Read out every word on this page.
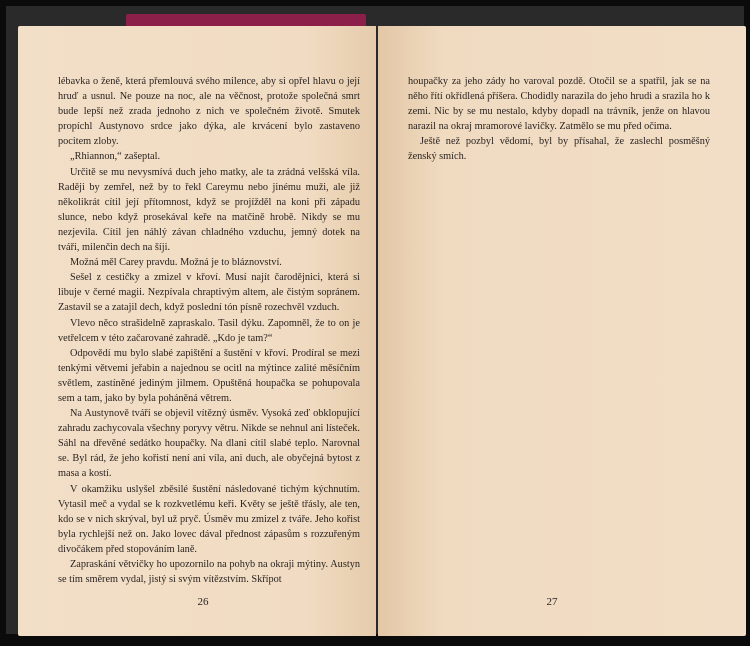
lébavka o ženě, která přemlouvá svého milence, aby si opřel hlavu o její hruď a usnul. Ne pouze na noc, ale na věčnost, protože společná smrt bude lepší než zrada jednoho z nich ve společném životě. Smutek propíchl Austynovo srdce jako dýka, ale krvácení bylo zastaveno pocitem zloby.

„Rhiannon,“ zašeptal.

Určitě se mu nevysmívá duch jeho matky, ale ta zrádná velšská víla. Raději by zemřel, než by to řekl Careymu nebo jinému muži, ale již několikrát cítil její přítomnost, když se projížděl na koni při západu slunce, nebo když prosekával keře na matčině hrobě. Nikdy se mu nezjevila. Cítil jen náhlý závan chladného vzduchu, jemný dotek na tváři, milenčin dech na šíji.

Možná měl Carey pravdu. Možná je to bláznovství.

Sešel z cestičky a zmizel v křoví. Musí najít čarodějnici, která si libuje v černé magii. Nezpívala chraptivým altem, ale čistým sopránem. Zastavil se a zatajil dech, když poslední tón písně rozechvěl vzduch.

Vlevo něco strašidelně zapraskalo. Tasil dýku. Zapomněl, že to on je vetřelcem v této začarované zahradě. „Kdo je tam?“

Odpovědí mu bylo slabé zapištění a šustění v křoví. Prodíral se mezi tenkými větvemi jeřabin a najednou se ocitl na mýtince zalité měsíčním světlem, zastíněné jediným jilmem. Opuštěná houpačka se pohupovala sem a tam, jako by byla poháněná větrem.

Na Austynově tváři se objevil vítězný úsměv. Vysoká zeď obklopující zahradu zachycovala všechny poryvy větru. Nikde se nehnul ani lísteček. Sáhl na dřevěné sedátko houpačky. Na dlani cítil slabé teplo. Narovnal se. Byl rád, že jeho kořistí není ani víla, ani duch, ale obyčejná bytost z masa a kostí.

V okamžiku uslyšel zběsilé šustění následované tichým kýchnutím. Vytasil meč a vydal se k rozkvetlému keři. Květy se ještě třásly, ale ten, kdo se v nich skrýval, byl už pryč. Úsměv mu zmizel z tváře. Jeho kořist byla rychlejší než on. Jako lovec dával přednost zápasům s rozzuřeným divočákem před stopováním laně.

Zapraskání větvičky ho upozornilo na pohyb na okraji mýtiny. Austyn se tím směrem vydal, jistý si svým vítězstvím. Skřípot

26

houpačky za jeho zády ho varoval pozdě. Otočil se a spatřil, jak se na něho řítí okřídlená příšera. Chodidly narazila do jeho hrudi a srazila ho k zemi. Nic by se mu nestalo, kdyby dopadl na trávník, jenže on hlavou narazil na okraj mramorové lavičky. Zatmělo se mu před očima.

Ještě než pozbyl vědomí, byl by přísahal, že zaslechl posměšný ženský smích.

27
